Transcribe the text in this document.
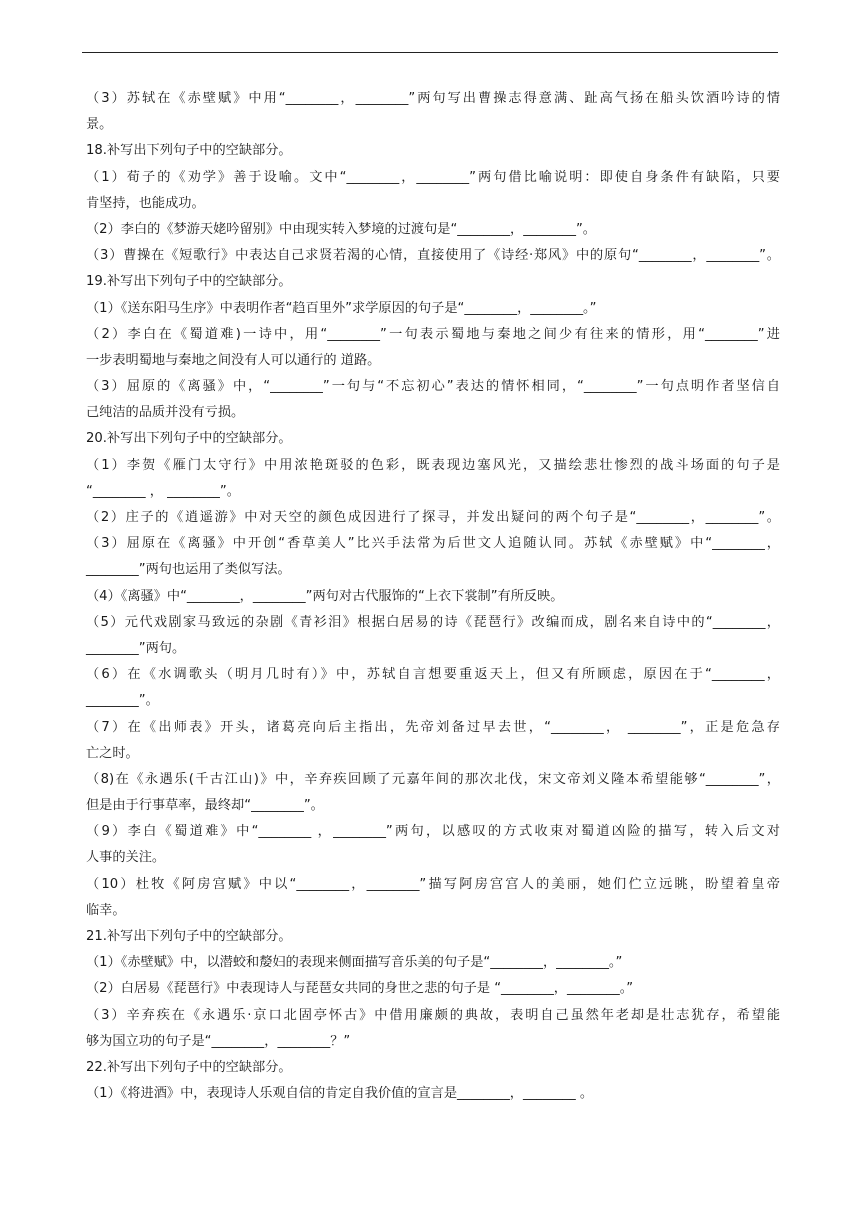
（3）苏轼在《赤壁赋》中用“________，________”两句写出曹操志得意满、趾高气扬在船头饮酒吟诗的情
景。
18.补写出下列句子中的空缺部分。
（1）荀子的《劝学》善于设喻。文中“________，________”两句借比喻说明：即使自身条件有缺陷，只要
肯坚持，也能成功。
（2）李白的《梦游天姥吟留别》中由现实转入梦境的过渡句是“________，________”。
（3）曹操在《短歌行》中表达自己求贤若渴的心情，直接使用了《诗经·郑风》中的原句“________，________”。
19.补写出下列句子中的空缺部分。
（1）《送东阳马生序》中表明作者“趋百里外”求学原因的句子是“________，________。”
（2）李白在《蜀道难)一诗中，用“________”一句表示蜀地与秦地之间少有往来的情形，用“________”进
一步表明蜀地与秦地之间没有人可以通行的 道路。
（3）屈原的《离骚》中，“________”一句与“不忘初心”表达的情怀相同，“________”一句点明作者坚信自
己纯洁的品质并没有亏损。
20.补写出下列句子中的空缺部分。
（1）李贺《雁门太守行》中用浓艳斑驳的色彩，既表现边塞风光，又描绘悲壮惨烈的战斗场面的句子是
“________ ， ________”。
（2）庄子的《逍遥游》中对天空的颜色成因进行了探寻，并发出疑问的两个句子是“________，________”。
（3）屈原在《离骚》中开创“香草美人”比兴手法常为后世文人追随认同。苏轼《赤壁赋》中“________，
________”两句也运用了类似写法。
（4）《离骚》中“________，________”两句对古代服饰的“上衣下裳制”有所反映。
（5）元代戏剧家马致远的杂剧《青衫泪》根据白居易的诗《琵琶行》改编而成，剧名来自诗中的“________，
________”两句。
（6）在《水调歌头（明月几时有）》中，苏轼自言想要重返天上，但又有所顾虑，原因在于“________，
________”。
（7）在《出师表》开头，诸葛亮向后主指出，先帝刘备过早去世，“________， ________”，正是危急存
亡之时。
（8)在《永遇乐(千古江山)》中，辛弃疾回顾了元嘉年间的那次北伐，宋文帝刘义隆本希望能够“________”，
但是由于行事草率，最终却“________”。
（9）李白《蜀道难》中“________ ，________”两句，以感叹的方式收束对蜀道凶险的描写，转入后文对
人事的关注。
（10）杜牧《阿房宫赋》中以“________，________”描写阿房宫宫人的美丽，她们伫立远眺，盼望着皇帝
临幸。
21.补写出下列句子中的空缺部分。
（1）《赤壁赋》中，以潜蛟和嫠妇的表现来侧面描写音乐美的句子是“________，________。”
（2）白居易《琵琶行》中表现诗人与琵琶女共同的身世之悲的句子是 “________，________。”
（3）辛弃疾在《永遇乐·京口北固亭怀古》中借用廉颇的典故，表明自己虽然年老却是壮志犹存，希望能
够为国立功的句子是“________，________？”
22.补写出下列句子中的空缺部分。
（1）《将进酒》中，表现诗人乐观自信的肯定自我价值的宣言是________，________ 。
